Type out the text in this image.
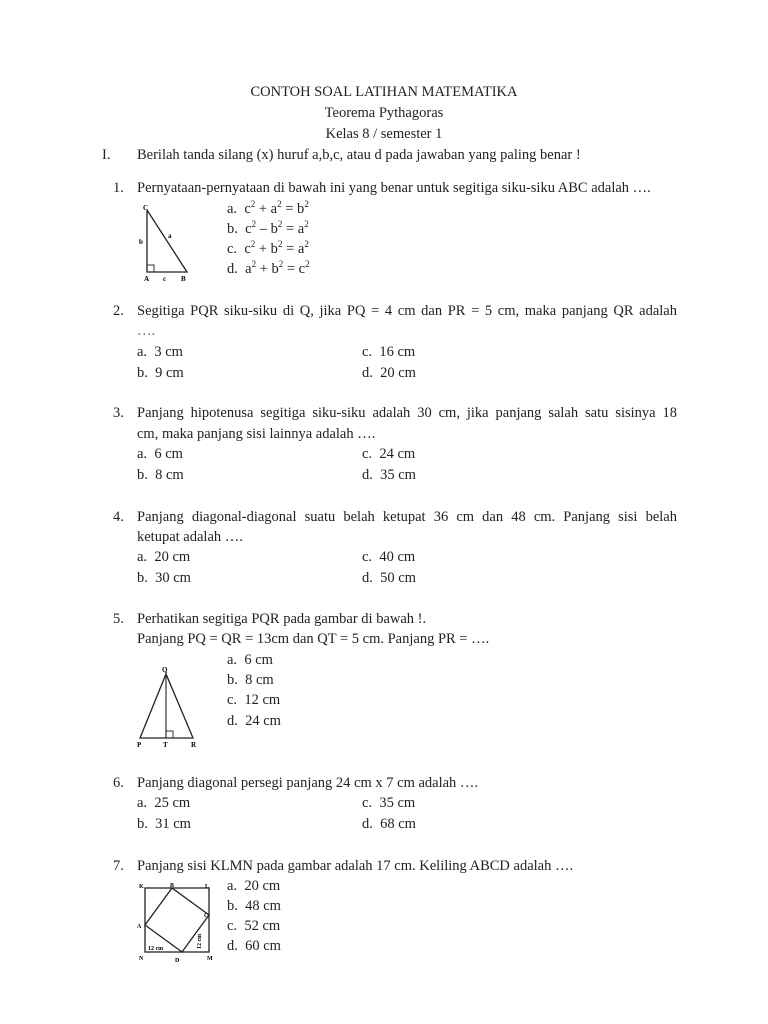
CONTOH SOAL LATIHAN MATEMATIKA
Teorema Pythagoras
Kelas 8 / semester 1
I. Berilah tanda silang (x) huruf a,b,c, atau d pada jawaban yang paling benar !
1. Pernyataan-pernyataan di bawah ini yang benar untuk segitiga siku-siku ABC adalah ….
C
b
a
A c B
a.  $c^2 + a^2 = b^2$
b.  $c^2 - b^2 = a^2$
c.  $c^2 + b^2 = a^2$
d.  $a^2 + b^2 = c^2$
2. Segitiga PQR siku-siku di Q, jika PQ = 4 cm dan PR = 5 cm, maka panjang QR adalah
….
a. 3 cm
b. 9 cm
c. 16 cm
d. 20 cm
3. Panjang hipotenusa segitiga siku-siku adalah 30 cm, jika panjang salah satu sisinya 18
cm, maka panjang sisi lainnya adalah ….
a. 6 cm
b. 8 cm
c. 24 cm
d. 35 cm
4. Panjang diagonal-diagonal suatu belah ketupat 36 cm dan 48 cm. Panjang sisi belah
ketupat adalah ….
a. 20 cm
b. 30 cm
c. 40 cm
d. 50 cm
5. Perhatikan segitiga PQR pada gambar di bawah !.
Panjang PQ = QR = 13cm dan QT = 5 cm. Panjang PR = ….
Q
P	T	R
a. 6 cm
b. 8 cm
c. 12 cm
d. 24 cm
6. Panjang diagonal persegi panjang 24 cm x 7 cm adalah ….
a. 25 cm
b. 31 cm
c. 35 cm
d. 68 cm
7. Panjang sisi KLMN pada gambar adalah 17 cm. Keliling ABCD adalah ….
K	B	L
A
C
N	D	M
12 cm	12 cm
a. 20 cm
b. 48 cm
c. 52 cm
d. 60 cm
